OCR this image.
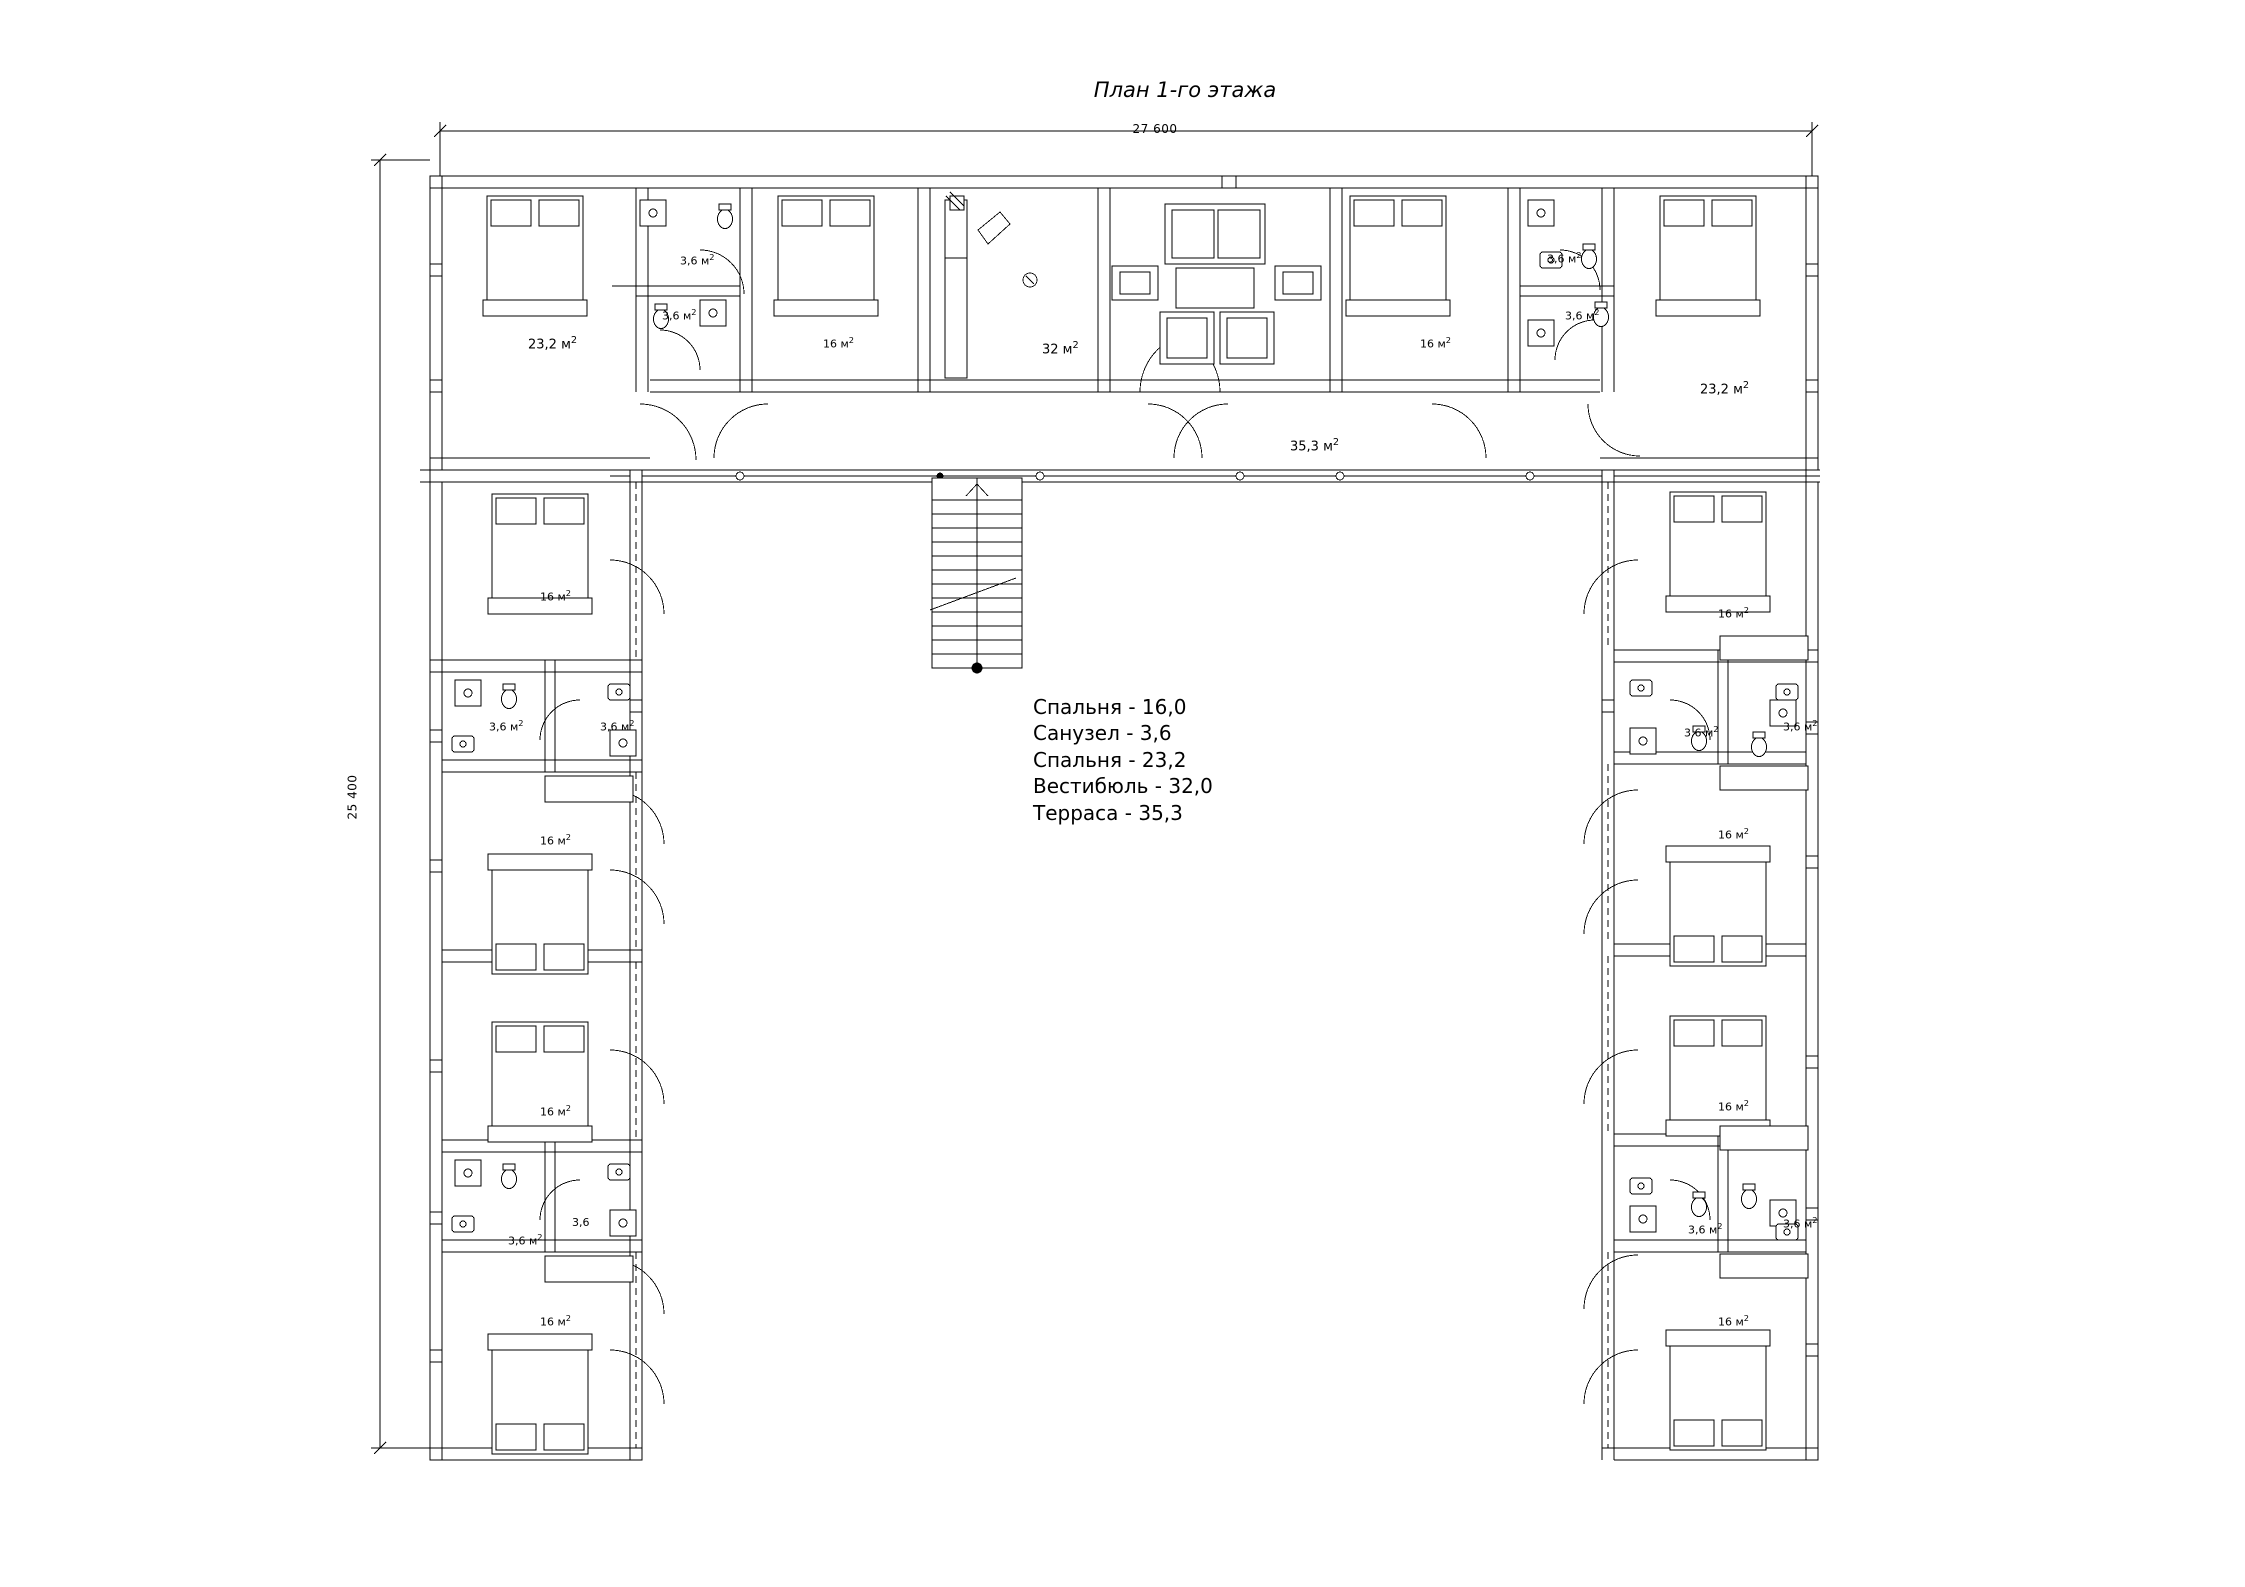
План 1-го этажа
27 600
25 400
Спальня - 16,0
Санузел - 3,6
Спальня - 23,2
Вестибюль - 32,0
Терраса - 35,3
23,2 $м^2$
3,6 $м^2$
3,6 $м^2$
16 $м^2$
32 $м^2$	16 $м^2$
3,6 $м^2$
3,6 $м^2$
23,2 $м^2$
35,3 $м^2$
16 $м^2$
3,6 $м^2$	3,6 $м^2$
16 $м^2$
16 $м^2$
3,6 $м^2$
3,6
16 $м^2$
16 $м^2$
3,6 $м^2$	3,6 $м^2$
16 $м^2$
16 $м^2$
3,6 $м^2$	3,6 $м^2$
16 $м^2$
